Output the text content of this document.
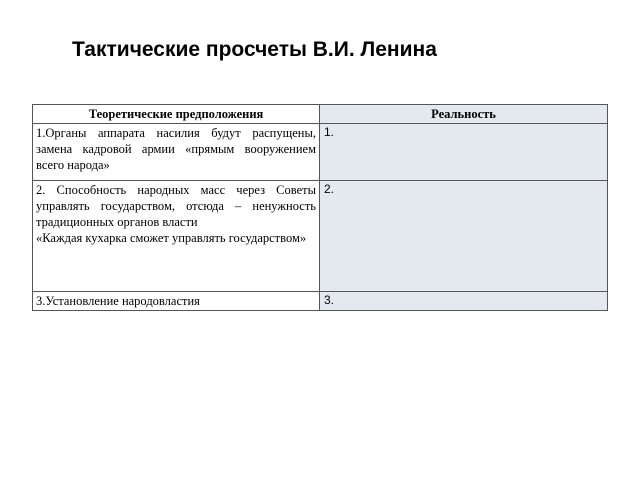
Тактические просчеты В.И. Ленина
Теоретические предположения	Реальность
1.Органы аппарата насилия будут распущены, замена кадровой армии «прямым вооружением всего народа»	1.

2. Способность народных масс через Советы управлять государством, отсюда – ненужность традиционных органов власти
«Каждая кухарка сможет управлять государством»	2.
3.Установление народовластия	3.
